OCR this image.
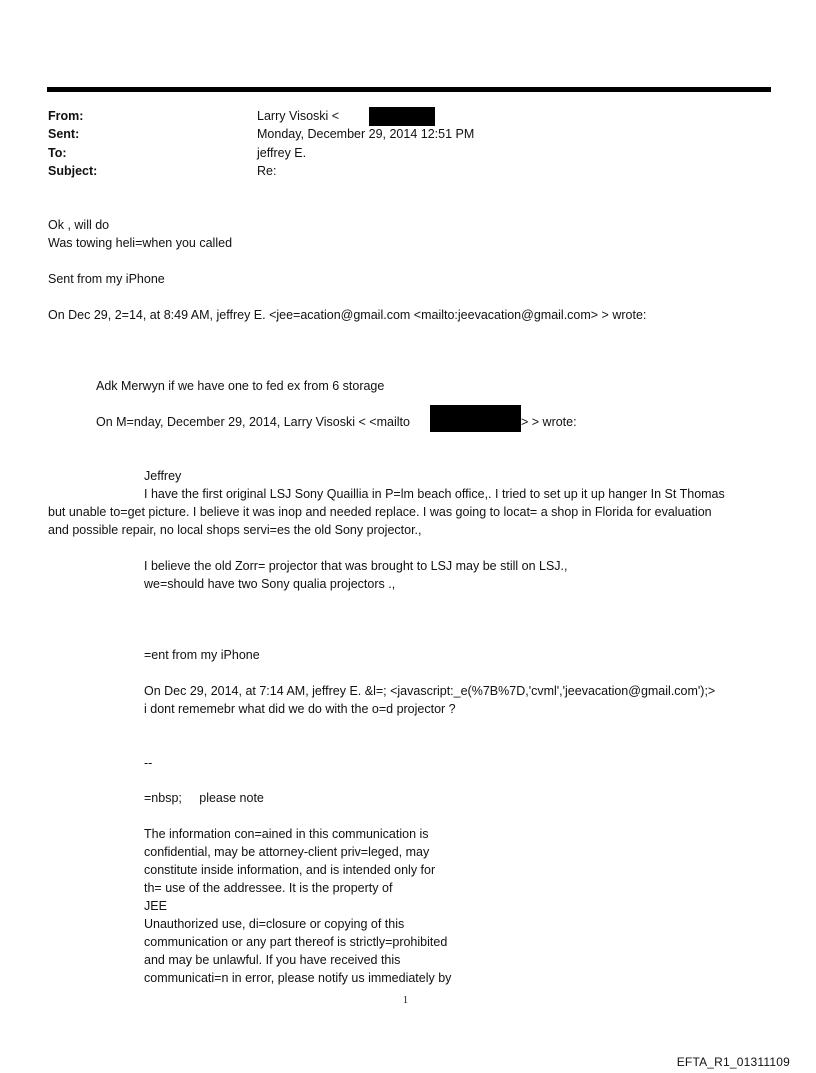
From:	Larry Visoski <
Sent:	Monday, December 29, 2014 12:51 PM
To:	jeffrey E.
Subject:	Re:
Ok , will do
Was towing heli=when you called
Sent from my iPhone
On Dec 29, 2=14, at 8:49 AM, jeffrey E. <jee=acation@gmail.com <mailto:jeevacation@gmail.com> > wrote:
Adk Merwyn if we have one to fed ex from 6 storage
On M=nday, December 29, 2014, Larry Visoski < <mailto	> > wrote:
Jeffrey
I have the first original LSJ Sony Quaillia in P=lm beach office,. I tried to set up it up hanger In St Thomas
but unable to=get picture. I believe it was inop and needed replace. I was going to locat= a shop in Florida for evaluation
and possible repair, no local shops servi=es the old Sony projector.,
I believe the old Zorr= projector that was brought to LSJ may be still on LSJ.,
we=should have two Sony qualia projectors .,
=ent from my iPhone
On Dec 29, 2014, at 7:14 AM, jeffrey E. &l=; <javascript:_e(%7B%7D,'cvml','jeevacation@gmail.com');>
i dont rememebr what did we do with the o=d projector ?
--
=nbsp;     please note
The information con=ained in this communication is
confidential, may be attorney-client priv=leged, may
constitute inside information, and is intended only for
th= use of the addressee. It is the property of
JEE
Unauthorized use, di=closure or copying of this
communication or any part thereof is strictly=prohibited
and may be unlawful. If you have received this
communicati=n in error, please notify us immediately by
1
EFTA_R1_01311109
